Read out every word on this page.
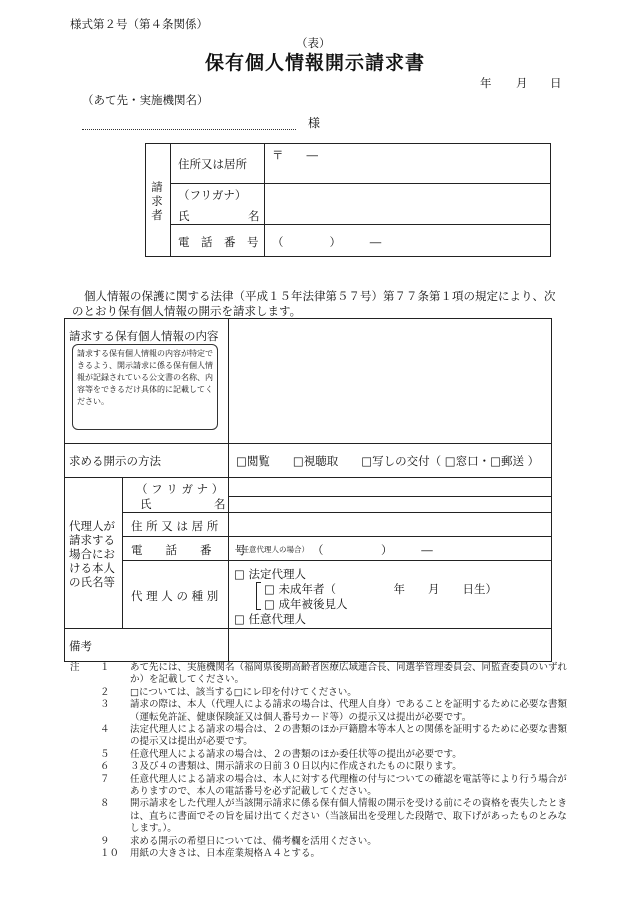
様式第２号（第４条関係）
（表）
保有個人情報開示請求書
年 月 日
（あて先・実施機関名）
様
請
求
者
住所又は居所
〒　　―
（フリガナ）
氏	名
電　話　番　号 （　　　　）　　　―
個人情報の保護に関する法律（平成１５年法律第５７号）第７７条第１項の規定により、次のとおり保有個人情報の開示を請求します。
請求する保有個人情報の内容
請求する保有個人情報の内容が特定できるよう、開示請求に係る保有個人情報が記録されている公文書の名称、内容等をできるだけ具体的に記載してください。
求める開示の方法	□閲覧　　□視聴取　　□写しの交付（ □窓口・□郵送 ）
代理人が
請求する
場合にお
ける本人
の氏名等
（ フ リ ガ ナ ）
氏	名
住 所 又 は 居 所
電　　話　　番　　号
（任意代理人の場合） （　　　　　）　　　―
代 理 人 の 種 別
□ 法定代理人
□ 未成年者（　　　　　年　　月　　日生）
□ 成年被後見人
□ 任意代理人
備考
注	１	あて先には、実施機関名（福岡県後期高齢者医療広域連合長、同選挙管理委員会、同監査委員のいずれか）を記載してください。
２	□については、該当する□にレ印を付けてください。
３	請求の際は、本人（代理人による請求の場合は、代理人自身）であることを証明するために必要な書類（運転免許証、健康保険証又は個人番号カード等）の提示又は提出が必要です。
４	法定代理人による請求の場合は、２の書類のほか戸籍謄本等本人との関係を証明するために必要な書類の提示又は提出が必要です。
５	任意代理人による請求の場合は、２の書類のほか委任状等の提出が必要です。
６	３及び４の書類は、開示請求の日前３０日以内に作成されたものに限ります。
７	任意代理人による請求の場合は、本人に対する代理権の付与についての確認を電話等により行う場合がありますので、本人の電話番号を必ず記載してください。
８	開示請求をした代理人が当該開示請求に係る保有個人情報の開示を受ける前にその資格を喪失したときは、直ちに書面でその旨を届け出てください（当該届出を受理した段階で、取下げがあったものとみなします。）。
９	求める開示の希望日については、備考欄を活用ください。
１０	用紙の大きさは、日本産業規格Ａ４とする。
